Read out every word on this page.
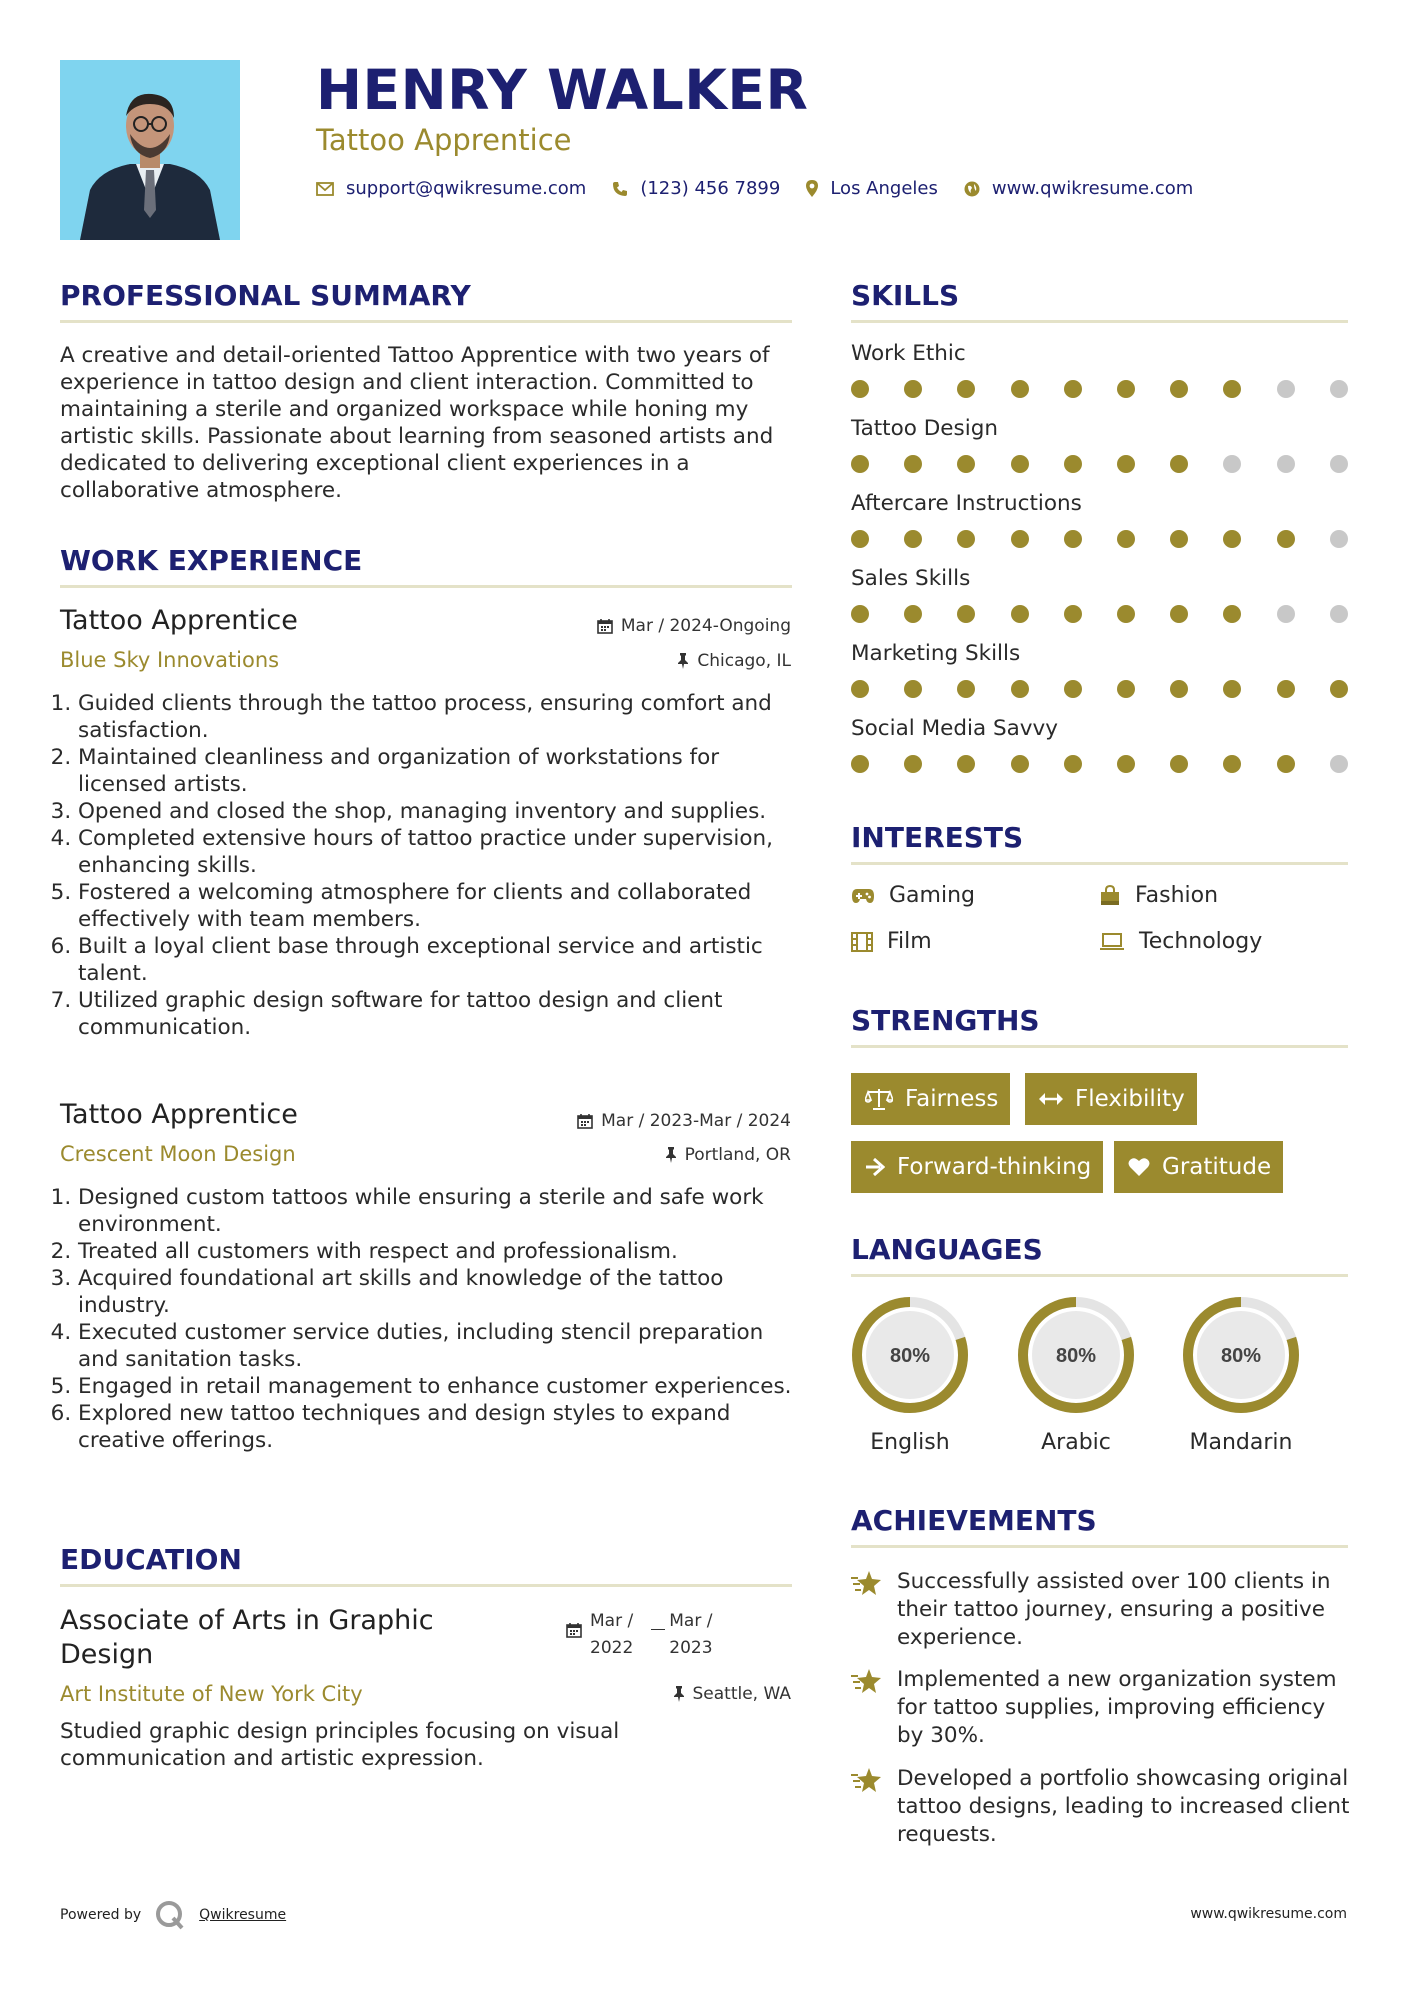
HENRY WALKER
Tattoo Apprentice
support@qwikresume.com	(123) 456 7899	Los Angeles	www.qwikresume.com
PROFESSIONAL SUMMARY
A creative and detail-oriented Tattoo Apprentice with two years of experience in tattoo design and client interaction. Committed to maintaining a sterile and organized workspace while honing my artistic skills. Passionate about learning from seasoned artists and dedicated to delivering exceptional client experiences in a collaborative atmosphere.
WORK EXPERIENCE
Tattoo Apprentice	Mar / 2024-Ongoing
Blue Sky Innovations	Chicago, IL
1. Guided clients through the tattoo process, ensuring comfort and satisfaction.
2. Maintained cleanliness and organization of workstations for licensed artists.
3. Opened and closed the shop, managing inventory and supplies.
4. Completed extensive hours of tattoo practice under supervision, enhancing skills.
5. Fostered a welcoming atmosphere for clients and collaborated effectively with team members.
6. Built a loyal client base through exceptional service and artistic talent.
7. Utilized graphic design software for tattoo design and client communication.
Tattoo Apprentice	Mar / 2023-Mar / 2024
Crescent Moon Design	Portland, OR
1. Designed custom tattoos while ensuring a sterile and safe work environment.
2. Treated all customers with respect and professionalism.
3. Acquired foundational art skills and knowledge of the tattoo industry.
4. Executed customer service duties, including stencil preparation and sanitation tasks.
5. Engaged in retail management to enhance customer experiences.
6. Explored new tattoo techniques and design styles to expand creative offerings.
EDUCATION
Associate of Arts in Graphic Design
Mar /
2022
Mar /
2023
Art Institute of New York City	Seattle, WA
Studied graphic design principles focusing on visual communication and artistic expression.
SKILLS
Work Ethic
Tattoo Design
Aftercare Instructions
Sales Skills
Marketing Skills
Social Media Savvy
INTERESTS
Gaming	Fashion
Film	Technology
STRENGTHS
Fairness	Flexibility
Forward-thinking	Gratitude
LANGUAGES
80%
English
80%
Arabic
80%
Mandarin
ACHIEVEMENTS
Successfully assisted over 100 clients in their tattoo journey, ensuring a positive experience.
Implemented a new organization system for tattoo supplies, improving efficiency by 30%.
Developed a portfolio showcasing original tattoo designs, leading to increased client requests.
Powered by	Qwikresume	www.qwikresume.com
